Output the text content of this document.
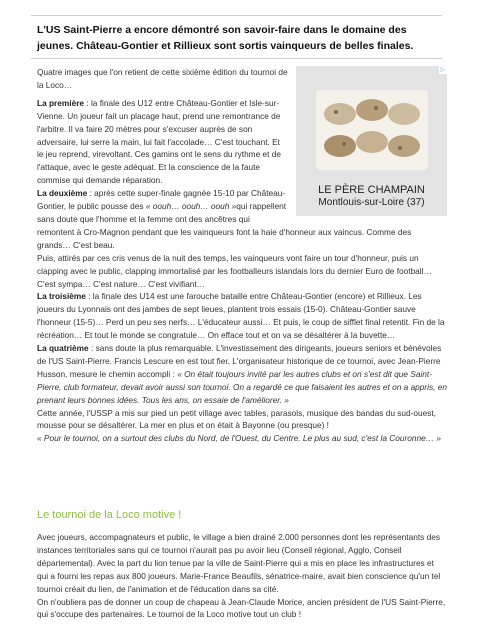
L'US Saint-Pierre a encore démontré son savoir-faire dans le domaine des jeunes. Château-Gontier et Rillieux sont sortis vainqueurs de belles finales.
▷
LE PÈRE CHAMPAIN
Montlouis-sur-Loire (37)

Quatre images que l'on retient de cette sixième édition du tournoi de la Loco…

La première : la finale des U12 entre Château-Gontier et Isle-sur-Vienne. Un joueur fait un placage haut, prend une remontrance de l'arbitre. Il va faire 20 mètres pour s'excuser auprès de son adversaire, lui serre la main, lui fait l'accolade… C'est touchant. Et le jeu reprend, virevoltant. Ces gamins ont le sens du rythme et de l'attaque, avec le geste adéquat. Et la conscience de la faute commise qui demande réparation.

La deuxième : après cette super-finale gagnée 15-10 par Château-Gontier, le public pousse des « oouh… oouh… oouh »qui rappellent sans doute que l'homme et la femme ont des ancêtres qui remontent à Cro-Magnon pendant que les vainqueurs font la haie d'honneur aux vaincus. Comme des grands… C'est beau.

Puis, attirés par ces cris venus de la nuit des temps, les vainqueurs vont faire un tour d'honneur, puis un clapping avec le public, clapping immortalisé par les footballeurs islandais lors du dernier Euro de football… C'est sympa… C'est nature… C'est vivifiant…

La troisième : la finale des U14 est une farouche bataille entre Château-Gontier (encore) et Rillieux. Les joueurs du Lyonnais ont des jambes de sept lieues, plantent trois essais (15-0). Château-Gontier sauve l'honneur (15-5)… Perd un peu ses nerfs… L'éducateur aussi… Et puis, le coup de sifflet final retentit. Fin de la récréation… Et tout le monde se congratule… On efface tout et on va se désaltérer à la buvette…

La quatrième : sans doute la plus remarquable. L'investissement des dirigeants, joueurs seniors et bénévoles de l'US Saint-Pierre. Francis Lescure en est tout fier. L'organisateur historique de ce tournoi, avec Jean-Pierre Husson, mesure le chemin accompli : « On était toujours invité par les autres clubs et on s'est dit que Saint-Pierre, club formateur, devait avoir aussi son tournoi. On a regardé ce que faisaient les autres et on a appris, en prenant leurs bonnes idées. Tous les ans, on essaie de l'améliorer. »

Cette année, l'USSP a mis sur pied un petit village avec tables, parasols, musique des bandas du sud-ouest, mousse pour se désaltérer. La mer en plus et on était à Bayonne (ou presque) !

« Pour le tournoi, on a surtout des clubs du Nord, de l'Ouest, du Centre. Le plus au sud, c'est la Couronne… »

Le tournoi de la Loco motive !

Avec joueurs, accompagnateurs et public, le village a bien drainé 2.000 personnes dont les représentants des instances territoriales sans qui ce tournoi n'aurait pas pu avoir lieu (Conseil régional, Agglo, Conseil départemental). Avec la part du lion tenue par la ville de Saint-Pierre qui a mis en place les infrastructures et qui a fourni les repas aux 800 joueurs. Marie-France Beaufils, sénatrice-maire, avait bien conscience qu'un tel tournoi créait du lien, de l'animation et de l'éducation dans sa cité.

On n'oubliera pas de donner un coup de chapeau à Jean-Claude Morice, ancien président de l'US Saint-Pierre, qui s'occupe des partenaires. Le tournoi de la Loco motive tout un club !
